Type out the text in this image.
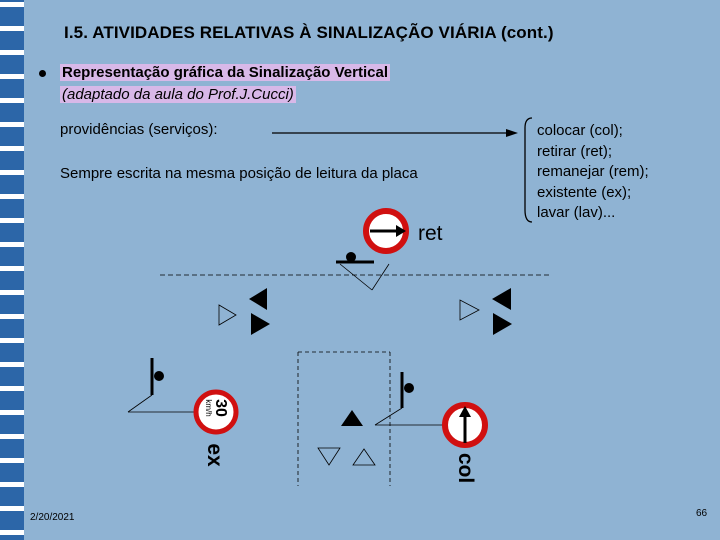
I.5. ATIVIDADES RELATIVAS À SINALIZAÇÃO VIÁRIA (cont.)
Representação gráfica da Sinalização Vertical
(adaptado da aula do Prof.J.Cucci)
providências (serviços):
Sempre escrita na mesma posição de leitura da placa
colocar (col);
retirar (ret);
remanejar (rem);
existente (ex);
lavar (lav)...
ret
30
km/h
ex	col
2/20/2021	66
